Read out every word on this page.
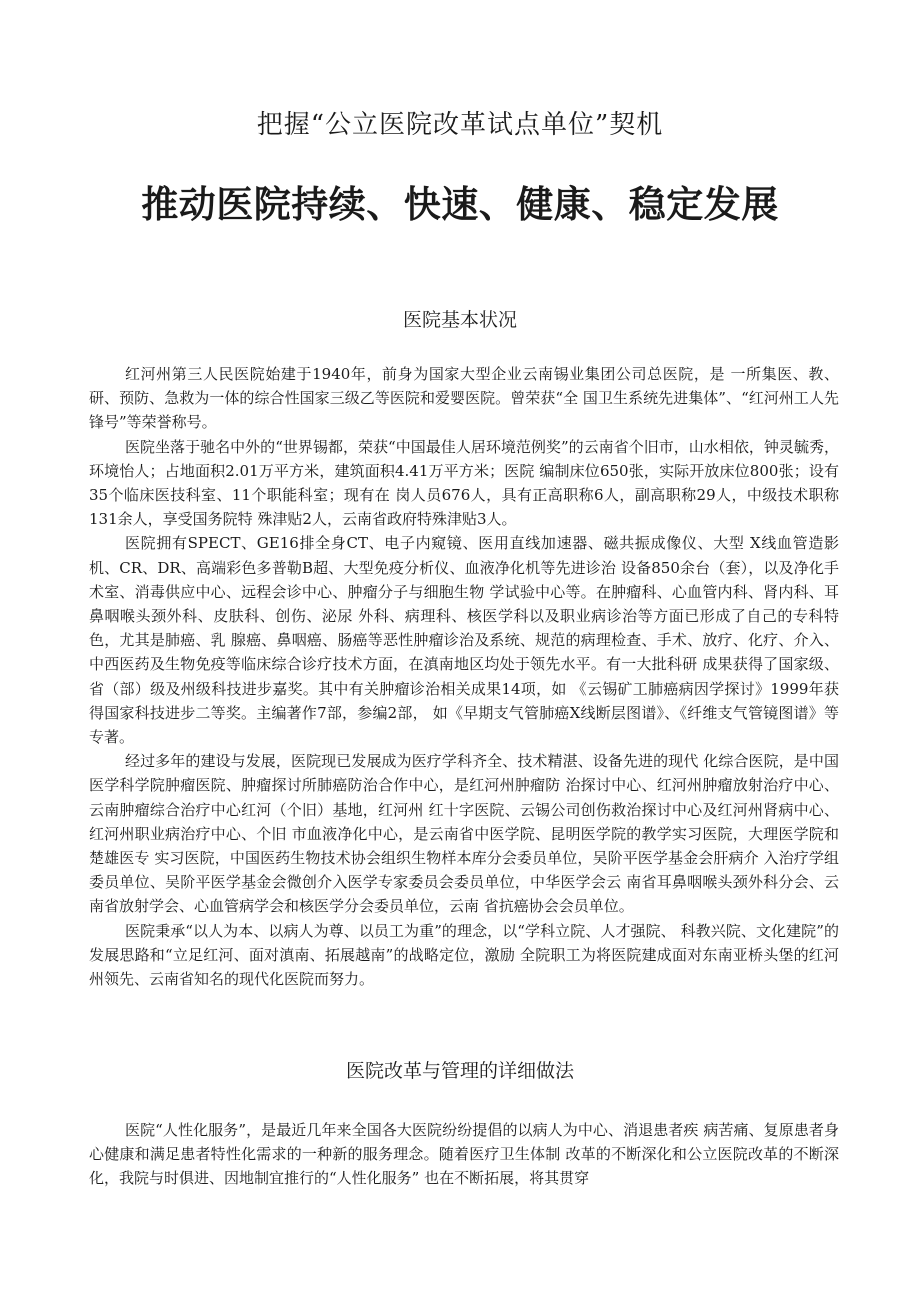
把握“公立医院改革试点单位”契机
推动医院持续、快速、健康、稳定发展
医院基本状况

红河州第三人民医院始建于1940年，前身为国家大型企业云南锡业集团公司总医院，是 一所集医、教、研、预防、急救为一体的综合性国家三级乙等医院和爱婴医院。曾荣获“全 国卫生系统先进集体”、“红河州工人先锋号”等荣誉称号。

医院坐落于驰名中外的“世界锡都，荣获“中国最佳人居环境范例奖”的云南省个旧市，山水相依，钟灵毓秀，环境怡人；占地面积2.01万平方米，建筑面积4.41万平方米；医院 编制床位650张，实际开放床位800张；设有35个临床医技科室、11个职能科室；现有在 岗人员676人，具有正高职称6人，副高职称29人，中级技术职称131余人，享受国务院特 殊津贴2人，云南省政府特殊津贴3人。

医院拥有SPECT、GE16排全身CT、电子内窥镜、医用直线加速器、磁共振成像仪、大型 X线血管造影机、CR、DR、高端彩色多普勒B超、大型免疫分析仪、血液净化机等先进诊治 设备850余台（套），以及净化手术室、消毒供应中心、远程会诊中心、肿瘤分子与细胞生物 学试验中心等。在肿瘤科、心血管内科、肾内科、耳鼻咽喉头颈外科、皮肤科、创伤、泌尿 外科、病理科、核医学科以及职业病诊治等方面已形成了自己的专科特色，尤其是肺癌、乳 腺癌、鼻咽癌、肠癌等恶性肿瘤诊治及系统、规范的病理检查、手术、放疗、化疗、介入、 中西医药及生物免疫等临床综合诊疗技术方面，在滇南地区均处于领先水平。有一大批科研 成果获得了国家级、省（部）级及州级科技进步嘉奖。其中有关肿瘤诊治相关成果14项，如 《云锡矿工肺癌病因学探讨》1999年获得国家科技进步二等奖。主编著作7部，参编2部， 如《早期支气管肺癌X线断层图谱》、《纤维支气管镜图谱》等专著。

经过多年的建设与发展，医院现已发展成为医疗学科齐全、技术精湛、设备先进的现代 化综合医院，是中国医学科学院肿瘤医院、肿瘤探讨所肺癌防治合作中心，是红河州肿瘤防 治探讨中心、红河州肿瘤放射治疗中心、云南肿瘤综合治疗中心红河（个旧）基地，红河州 红十字医院、云锡公司创伤救治探讨中心及红河州肾病中心、红河州职业病治疗中心、个旧 市血液净化中心，是云南省中医学院、昆明医学院的教学实习医院，大理医学院和楚雄医专 实习医院，中国医药生物技术协会组织生物样本库分会委员单位，吴阶平医学基金会肝病介 入治疗学组委员单位、吴阶平医学基金会微创介入医学专家委员会委员单位，中华医学会云 南省耳鼻咽喉头颈外科分会、云南省放射学会、心血管病学会和核医学分会委员单位，云南 省抗癌协会会员单位。

医院秉承“以人为本、以病人为尊、以员工为重”的理念，以“学科立院、人才强院、 科教兴院、文化建院”的发展思路和“立足红河、面对滇南、拓展越南”的战略定位，激励 全院职工为将医院建成面对东南亚桥头堡的红河州领先、云南省知名的现代化医院而努力。

医院改革与管理的详细做法

医院“人性化服务”，是最近几年来全国各大医院纷纷提倡的以病人为中心、消退患者疾 病苦痛、复原患者身心健康和满足患者特性化需求的一种新的服务理念。随着医疗卫生体制 改革的不断深化和公立医院改革的不断深化，我院与时俱进、因地制宜推行的“人性化服务” 也在不断拓展，将其贯穿
